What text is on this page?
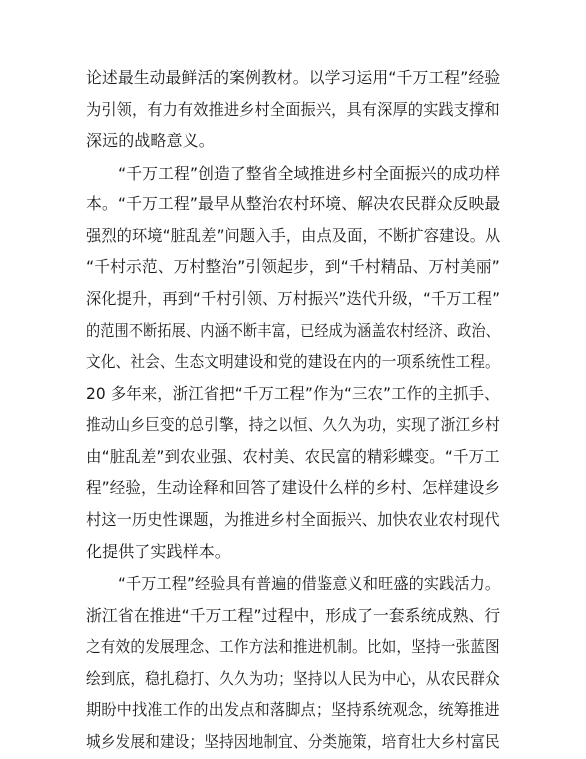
论述最生动最鲜活的案例教材。以学习运用“千万工程”经验
为引领，有力有效推进乡村全面振兴，具有深厚的实践支撑和
深远的战略意义。
“千万工程”创造了整省全域推进乡村全面振兴的成功样
本。“千万工程”最早从整治农村环境、解决农民群众反映最
强烈的环境“脏乱差”问题入手，由点及面，不断扩容建设。从
“千村示范、万村整治”引领起步，到“千村精品、万村美丽”
深化提升，再到“千村引领、万村振兴”迭代升级，“千万工程”
的范围不断拓展、内涵不断丰富，已经成为涵盖农村经济、政治、
文化、社会、生态文明建设和党的建设在内的一项系统性工程。
20 多年来，浙江省把“千万工程”作为“三农”工作的主抓手、
推动山乡巨变的总引擎，持之以恒、久久为功，实现了浙江乡村
由“脏乱差”到农业强、农村美、农民富的精彩蝶变。“千万工
程”经验，生动诠释和回答了建设什么样的乡村、怎样建设乡
村这一历史性课题，为推进乡村全面振兴、加快农业农村现代
化提供了实践样本。
“千万工程”经验具有普遍的借鉴意义和旺盛的实践活力。
浙江省在推进“千万工程”过程中，形成了一套系统成熟、行
之有效的发展理念、工作方法和推进机制。比如，坚持一张蓝图
绘到底，稳扎稳打、久久为功；坚持以人民为中心，从农民群众
期盼中找准工作的出发点和落脚点；坚持系统观念，统筹推进
城乡发展和建设；坚持因地制宜、分类施策，培育壮大乡村富民
